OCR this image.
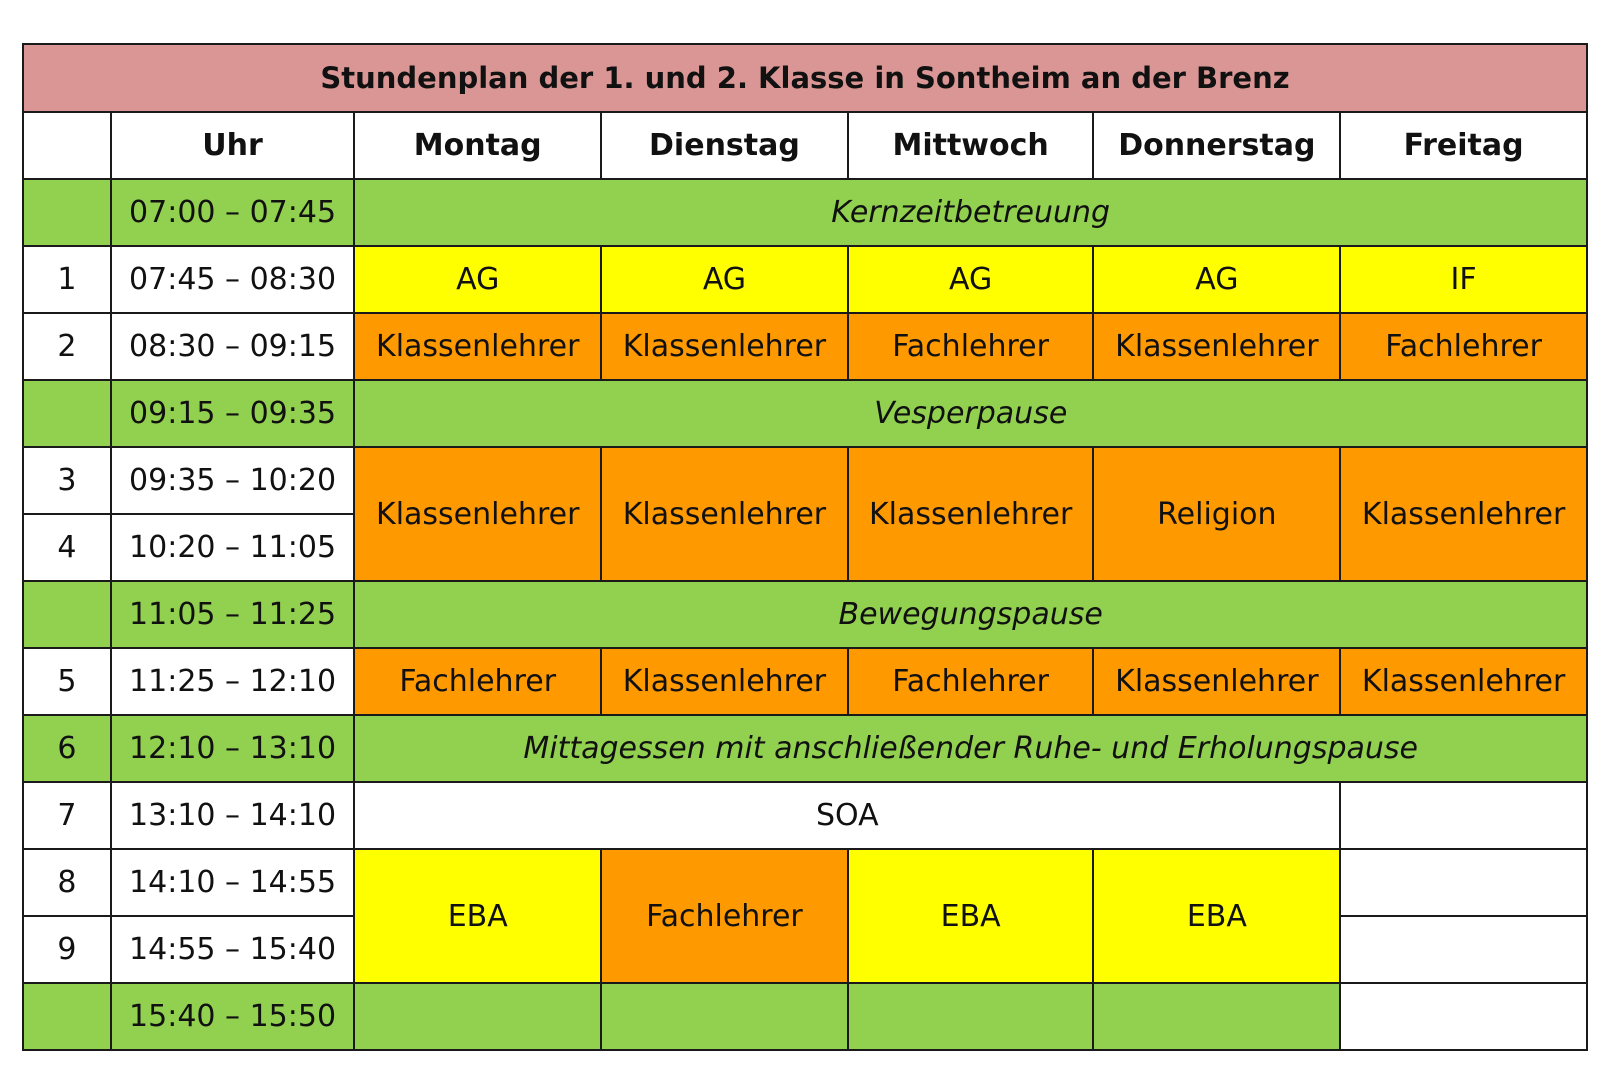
Stundenplan der 1. und 2. Klasse in Sontheim an der Brenz						
	Uhr	Montag	Dienstag	Mittwoch	Donnerstag	Freitag
	07:00 – 07:45	Kernzeitbetreuung				
1	07:45 – 08:30	AG	AG	AG	AG	IF
2	08:30 – 09:15	Klassenlehrer	Klassenlehrer	Fachlehrer	Klassenlehrer	Fachlehrer
	09:15 – 09:35	Vesperpause				
3	09:35 – 10:20	Klassenlehrer	Klassenlehrer	Klassenlehrer	Religion	Klassenlehrer
4	10:20 – 11:05					
	11:05 – 11:25	Bewegungspause				
5	11:25 – 12:10	Fachlehrer	Klassenlehrer	Fachlehrer	Klassenlehrer	Klassenlehrer
6	12:10 – 13:10	Mittagessen mit anschließender Ruhe- und Erholungspause				
7	13:10 – 14:10	SOA				
8	14:10 – 14:55	EBA	Fachlehrer	EBA	EBA	
9	14:55 – 15:40					
	15:40 – 15:50					
